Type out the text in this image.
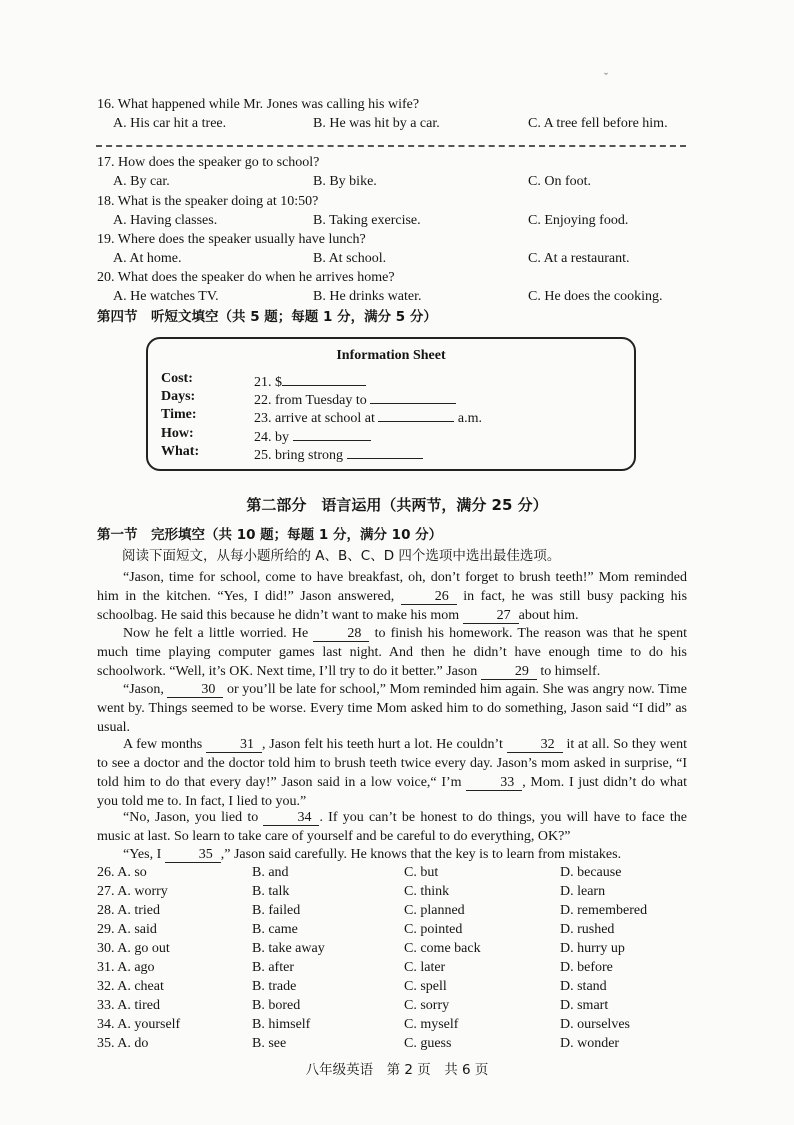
ˇ
16. What happened while Mr. Jones was calling his wife?
A. His car hit a tree.	B. He was hit by a car.	C. A tree fell before him.
17. How does the speaker go to school?
A. By car.	B. By bike.	C. On foot.
18. What is the speaker doing at 10:50?
A. Having classes.	B. Taking exercise.	C. Enjoying food.
19. Where does the speaker usually have lunch?
A. At home.	B. At school.	C. At a restaurant.
20. What does the speaker do when he arrives home?
A. He watches TV.	B. He drinks water.	C. He does the cooking.
第四节　听短文填空（共 5 题；每题 1 分，满分 5 分）
Information Sheet
Cost:	21. $
Days:	22. from Tuesday to
Time:	23. arrive at school at	a.m.
How:	24. by
What:	25. bring strong
第二部分　语言运用（共两节，满分 25 分）
第一节　完形填空（共 10 题；每题 1 分，满分 10 分）
阅读下面短文，从每小题所给的 A、B、C、D 四个选项中选出最佳选项。
“Jason, time for school, come to have breakfast, oh, don’t forget to brush teeth!” Mom reminded him in the kitchen. “Yes, I did!” Jason answered,	26 in fact, he was still busy packing his schoolbag. He said this because he didn’t want to make his mom	27 about him.
Now he felt a little worried. He	28 to finish his homework. The reason was that he spent much time playing computer games last night. And then he didn’t have enough time to do his schoolwork. “Well, it’s OK. Next time, I’ll try to do it better.” Jason	29 to himself.
“Jason,	30 or you’ll be late for school,” Mom reminded him again. She was angry now. Time went by. Things seemed to be worse. Every time Mom asked him to do something, Jason said “I did” as usual.
A few months	31 , Jason felt his teeth hurt a lot. He couldn’t	32 it at all. So they went to see a doctor and the doctor told him to brush teeth twice every day. Jason’s mom asked in surprise, “I told him to do that every day!” Jason said in a low voice,“ I’m	33 , Mom. I just didn’t do what you told me to. In fact, I lied to you.”
“No, Jason, you lied to	34 . If you can’t be honest to do things, you will have to face the music at last. So learn to take care of yourself and be careful to do everything, OK?”
“Yes, I	35 ,” Jason said carefully. He knows that the key is to learn from mistakes.
26. A. so	B. and	C. but	D. because
27. A. worry	B. talk	C. think	D. learn
28. A. tried	B. failed	C. planned	D. remembered
29. A. said	B. came	C. pointed	D. rushed
30. A. go out	B. take away	C. come back	D. hurry up
31. A. ago	B. after	C. later	D. before
32. A. cheat	B. trade	C. spell	D. stand
33. A. tired	B. bored	C. sorry	D. smart
34. A. yourself	B. himself	C. myself	D. ourselves
35. A. do	B. see	C. guess	D. wonder
八年级英语　第 2 页　共 6 页
